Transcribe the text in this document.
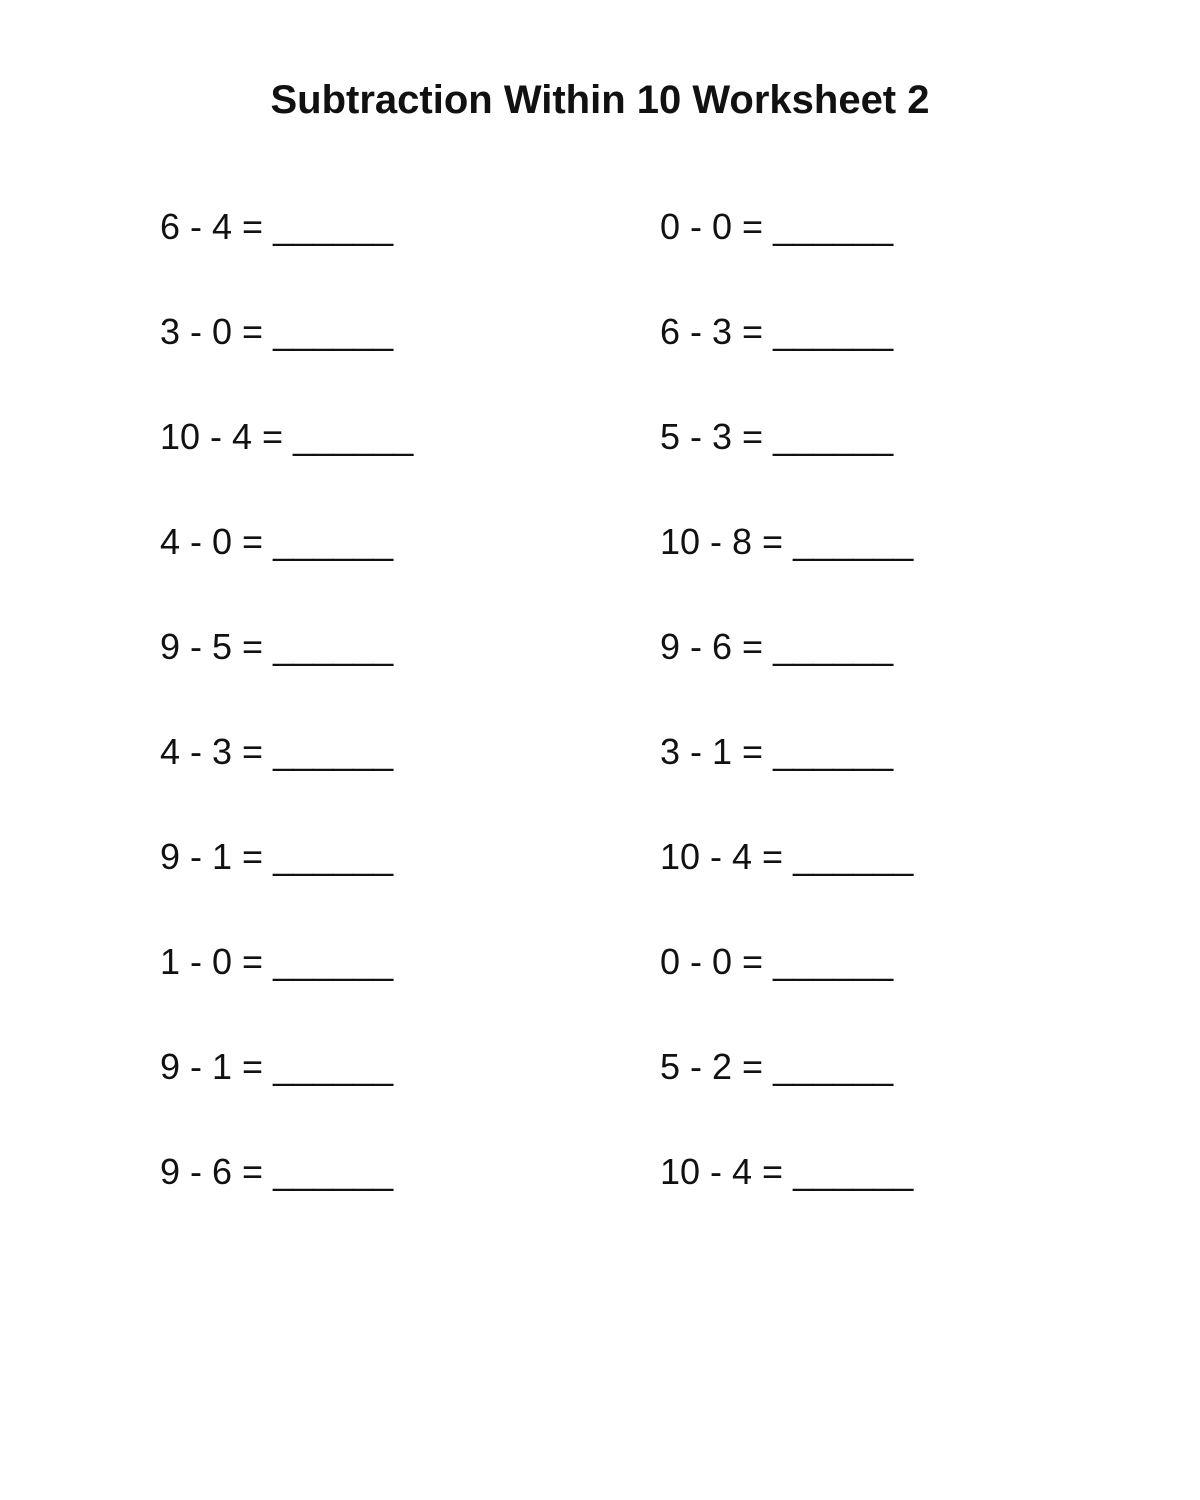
Subtraction Within 10 Worksheet 2
6 - 4 = ______	0 - 0 = ______
3 - 0 = ______	6 - 3 = ______
10 - 4 = ______	5 - 3 = ______
4 - 0 = ______	10 - 8 = ______
9 - 5 = ______	9 - 6 = ______
4 - 3 = ______	3 - 1 = ______
9 - 1 = ______	10 - 4 = ______
1 - 0 = ______	0 - 0 = ______
9 - 1 = ______	5 - 2 = ______
9 - 6 = ______	10 - 4 = ______
